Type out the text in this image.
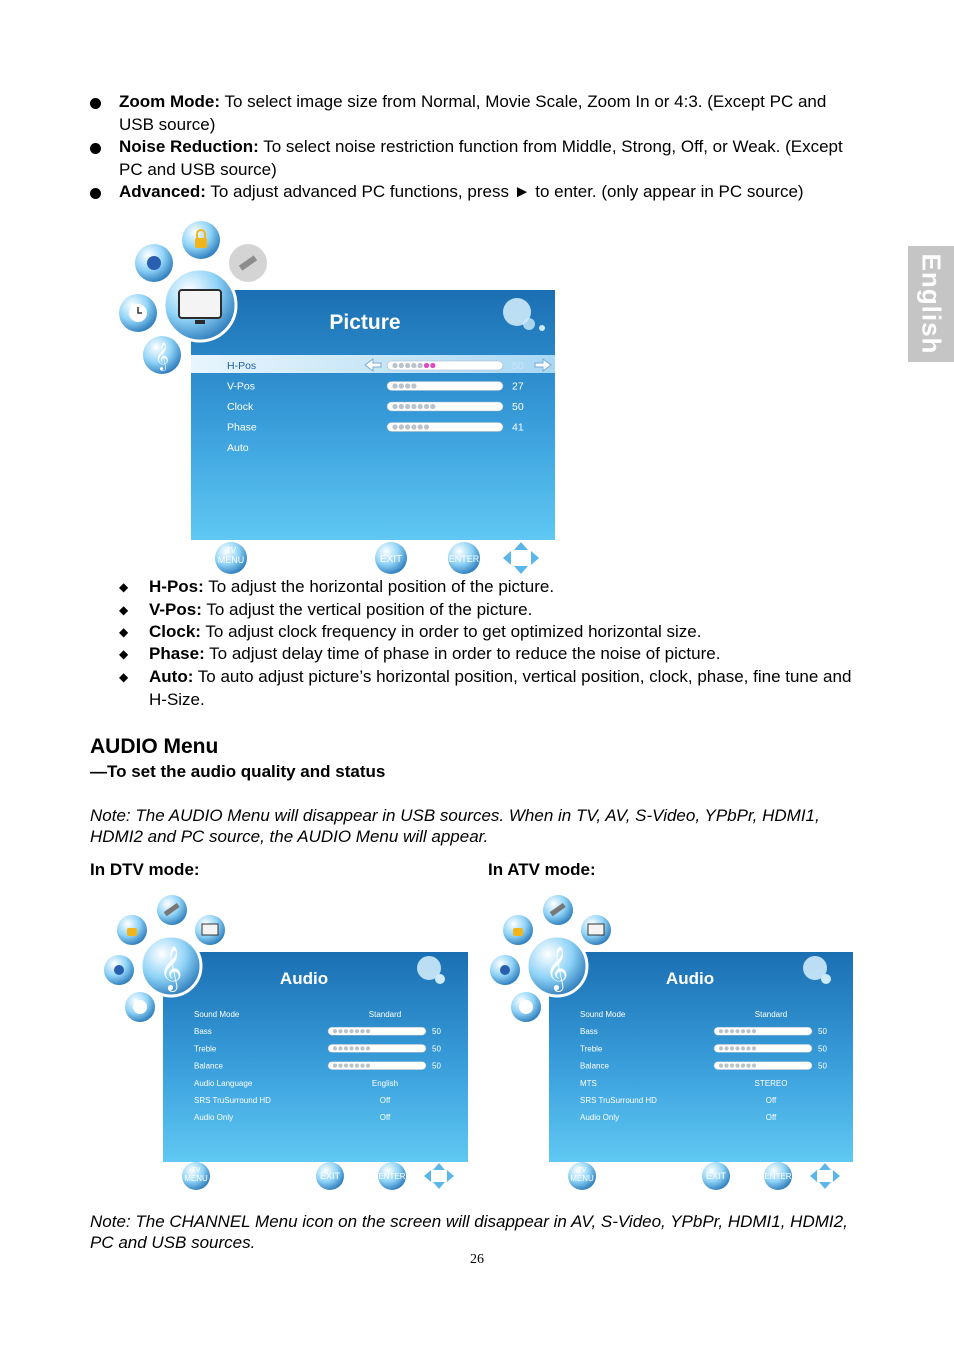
English
Zoom Mode: To select image size from Normal, Movie Scale, Zoom In or 4:3. (Except PC and USB source)
Noise Reduction: To select noise restriction function from Middle, Strong, Off, or Weak. (Except PC and USB source)
Advanced: To adjust advanced PC functions, press ► to enter. (only appear in PC source)
𝄞
Picture
H-Pos	50
V-Pos	27
Clock	50
Phase	41
Auto
TV
MENU	EXIT	ENTER
◆ H-Pos: To adjust the horizontal position of the picture.
◆ V-Pos: To adjust the vertical position of the picture.
◆ Clock: To adjust clock frequency in order to get optimized horizontal size.
◆ Phase: To adjust delay time of phase in order to reduce the noise of picture.
◆ Auto: To auto adjust picture’s horizontal position, vertical position, clock, phase, fine tune and H-Size.
AUDIO Menu
—To set the audio quality and status
Note: The AUDIO Menu will disappear in USB sources. When in TV, AV, S-Video, YPbPr, HDMI1, HDMI2 and PC source, the AUDIO Menu will appear.
In DTV mode:	In ATV mode:
𝄞	Audio
Sound Mode	Standard
Bass	50
Treble	50
Balance	50
Audio Language	English
SRS TruSurround HD	Off
Audio Only	Off
TV
MENU	EXIT	ENTER
𝄞	Audio
Sound Mode	Standard
Bass	50
Treble	50
Balance	50
MTS	STEREO
SRS TruSurround HD	Off
Audio Only	Off
TV
MENU	EXIT	ENTER
Note: The CHANNEL Menu icon on the screen will disappear in AV, S-Video, YPbPr, HDMI1, HDMI2, PC and USB sources.
26
